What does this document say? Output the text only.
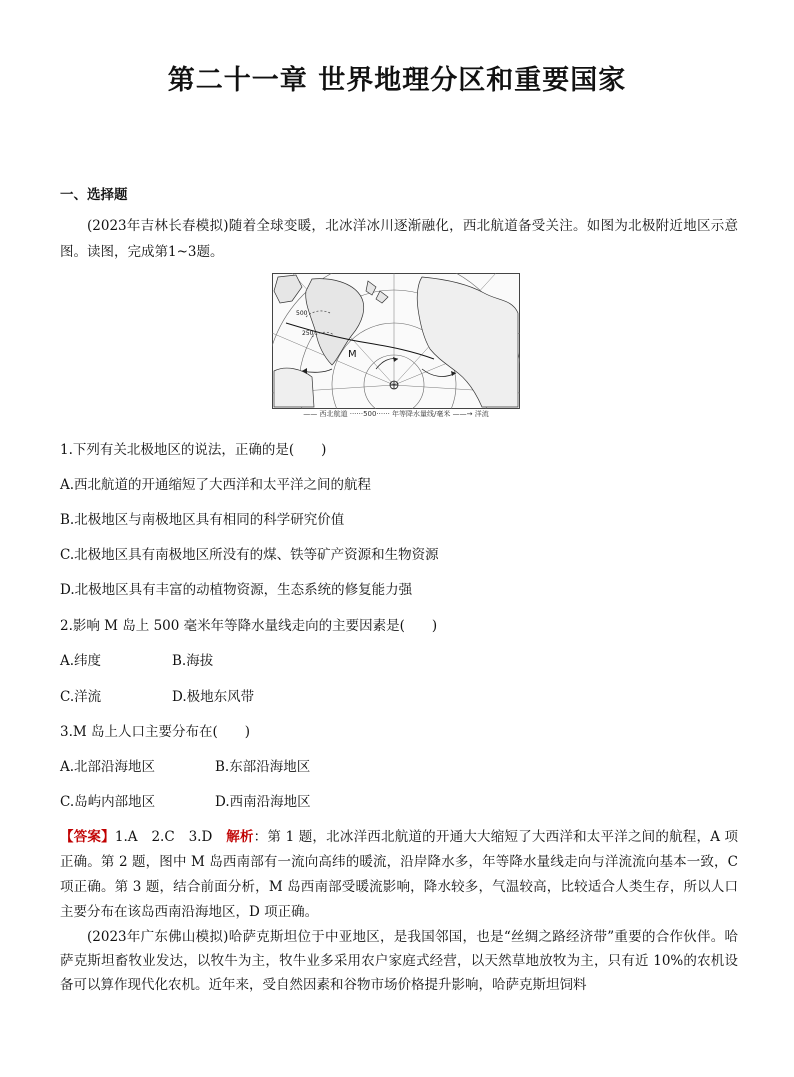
第二十一章 世界地理分区和重要国家
一、选择题
(2023年吉林长春模拟)随着全球变暖，北冰洋冰川逐渐融化，西北航道备受关注。如图为北极附近地区示意图。读图，完成第1~3题。
500
250
M
—— 西北航道 ······500······ 年等降水量线/毫米 ——→ 洋流
1.下列有关北极地区的说法，正确的是(　　)
A.西北航道的开通缩短了大西洋和太平洋之间的航程
B.北极地区与南极地区具有相同的科学研究价值
C.北极地区具有南极地区所没有的煤、铁等矿产资源和生物资源
D.北极地区具有丰富的动植物资源，生态系统的修复能力强
2.影响 M 岛上 500 毫米年等降水量线走向的主要因素是(　　)
A.纬度	B.海拔
C.洋流	D.极地东风带
3.M 岛上人口主要分布在(　　)
A.北部沿海地区	B.东部沿海地区
C.岛屿内部地区	D.西南沿海地区
【答案】1.A　2.C　3.D　解析：第 1 题，北冰洋西北航道的开通大大缩短了大西洋和太平洋之间的航程，A 项正确。第 2 题，图中 M 岛西南部有一流向高纬的暖流，沿岸降水多，年等降水量线走向与洋流流向基本一致，C 项正确。第 3 题，结合前面分析，M 岛西南部受暖流影响，降水较多，气温较高，比较适合人类生存，所以人口主要分布在该岛西南沿海地区，D 项正确。
(2023年广东佛山模拟)哈萨克斯坦位于中亚地区，是我国邻国，也是“丝绸之路经济带”重要的合作伙伴。哈萨克斯坦畜牧业发达，以牧牛为主，牧牛业多采用农户家庭式经营，以天然草地放牧为主，只有近 10%的农机设备可以算作现代化农机。近年来，受自然因素和谷物市场价格提升影响，哈萨克斯坦饲料
